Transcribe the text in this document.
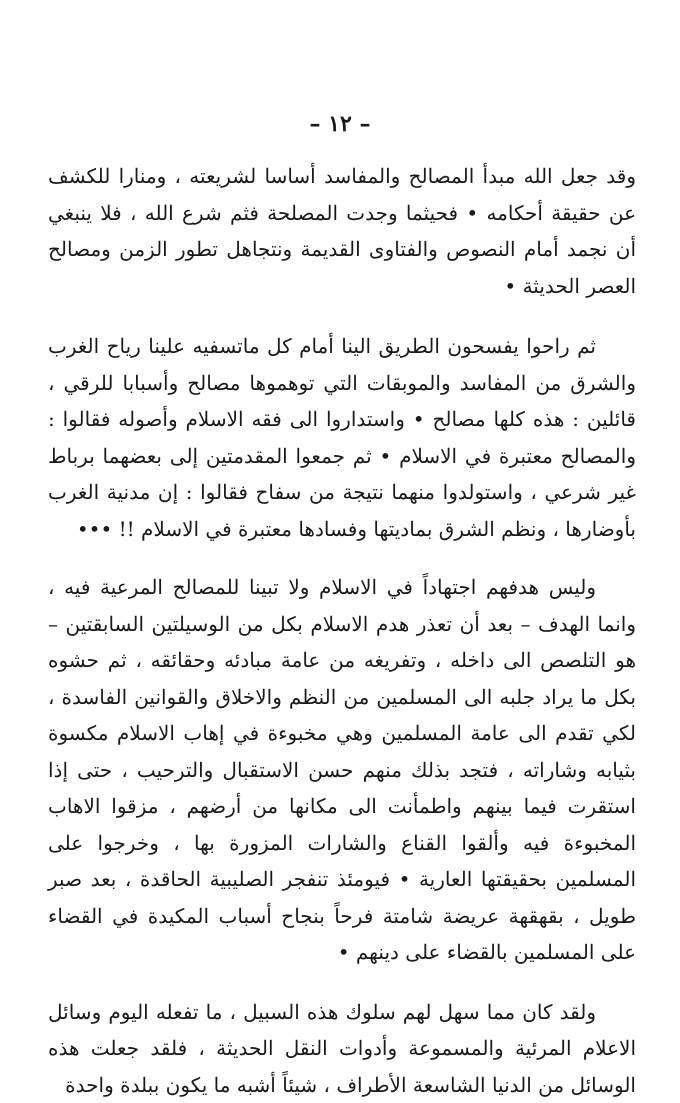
– ١٢ –

وقد جعل الله مبدأ المصالح والمفاسد أساسا لشريعته ، ومنارا للكشف عن حقيقة أحكامه • فحيثما وجدت المصلحة فثم شرع الله ، فلا ينبغي أن نجمد أمام النصوص والفتاوى القديمة ونتجاهل تطور الزمن ومصالح العصر الحديثة •

ثم راحوا يفسحون الطريق الينا أمام كل ماتسفيه علينا رياح الغرب والشرق من المفاسد والموبقات التي توهموها مصالح وأسبابا للرقي ، قائلين : هذه كلها مصالح • واستداروا الى فقه الاسلام وأصوله فقالوا : والمصالح معتبرة في الاسلام • ثم جمعوا المقدمتين إلى بعضهما برباط غير شرعي ، واستولدوا منهما نتيجة من سفاح فقالوا : إن مدنية الغرب بأوضارها ، ونظم الشرق بماديتها وفسادها معتبرة في الاسلام !! •••

وليس هدفهم اجتهاداً في الاسلام ولا تبينا للمصالح المرعية فيه ، وانما الهدف – بعد أن تعذر هدم الاسلام بكل من الوسيلتين السابقتين – هو التلصص الى داخله ، وتفريغه من عامة مبادئه وحقائقه ، ثم حشوه بكل ما يراد جلبه الى المسلمين من النظم والاخلاق والقوانين الفاسدة ، لكي تقدم الى عامة المسلمين وهي مخبوءة في إهاب الاسلام مكسوة بثيابه وشاراته ، فتجد بذلك منهم حسن الاستقبال والترحيب ، حتى إذا استقرت فيما بينهم واطمأنت الى مكانها من أرضهم ، مزقوا الاهاب المخبوءة فيه وألقوا القناع والشارات المزورة بها ، وخرجوا على المسلمين بحقيقتها العارية • فيومئذ تنفجر الصليبية الحاقدة ، بعد صبر طويل ، بقهقهة عريضة شامتة فرحاً بنجاح أسباب المكيدة في القضاء على المسلمين بالقضاء على دينهم •

ولقد كان مما سهل لهم سلوك هذه السبيل ، ما تفعله اليوم وسائل الاعلام المرئية والمسموعة وأدوات النقل الحديثة ، فلقد جعلت هذه الوسائل من الدنيا الشاسعة الأطراف ، شيئاً أشبه ما يكون ببلدة واحدة
